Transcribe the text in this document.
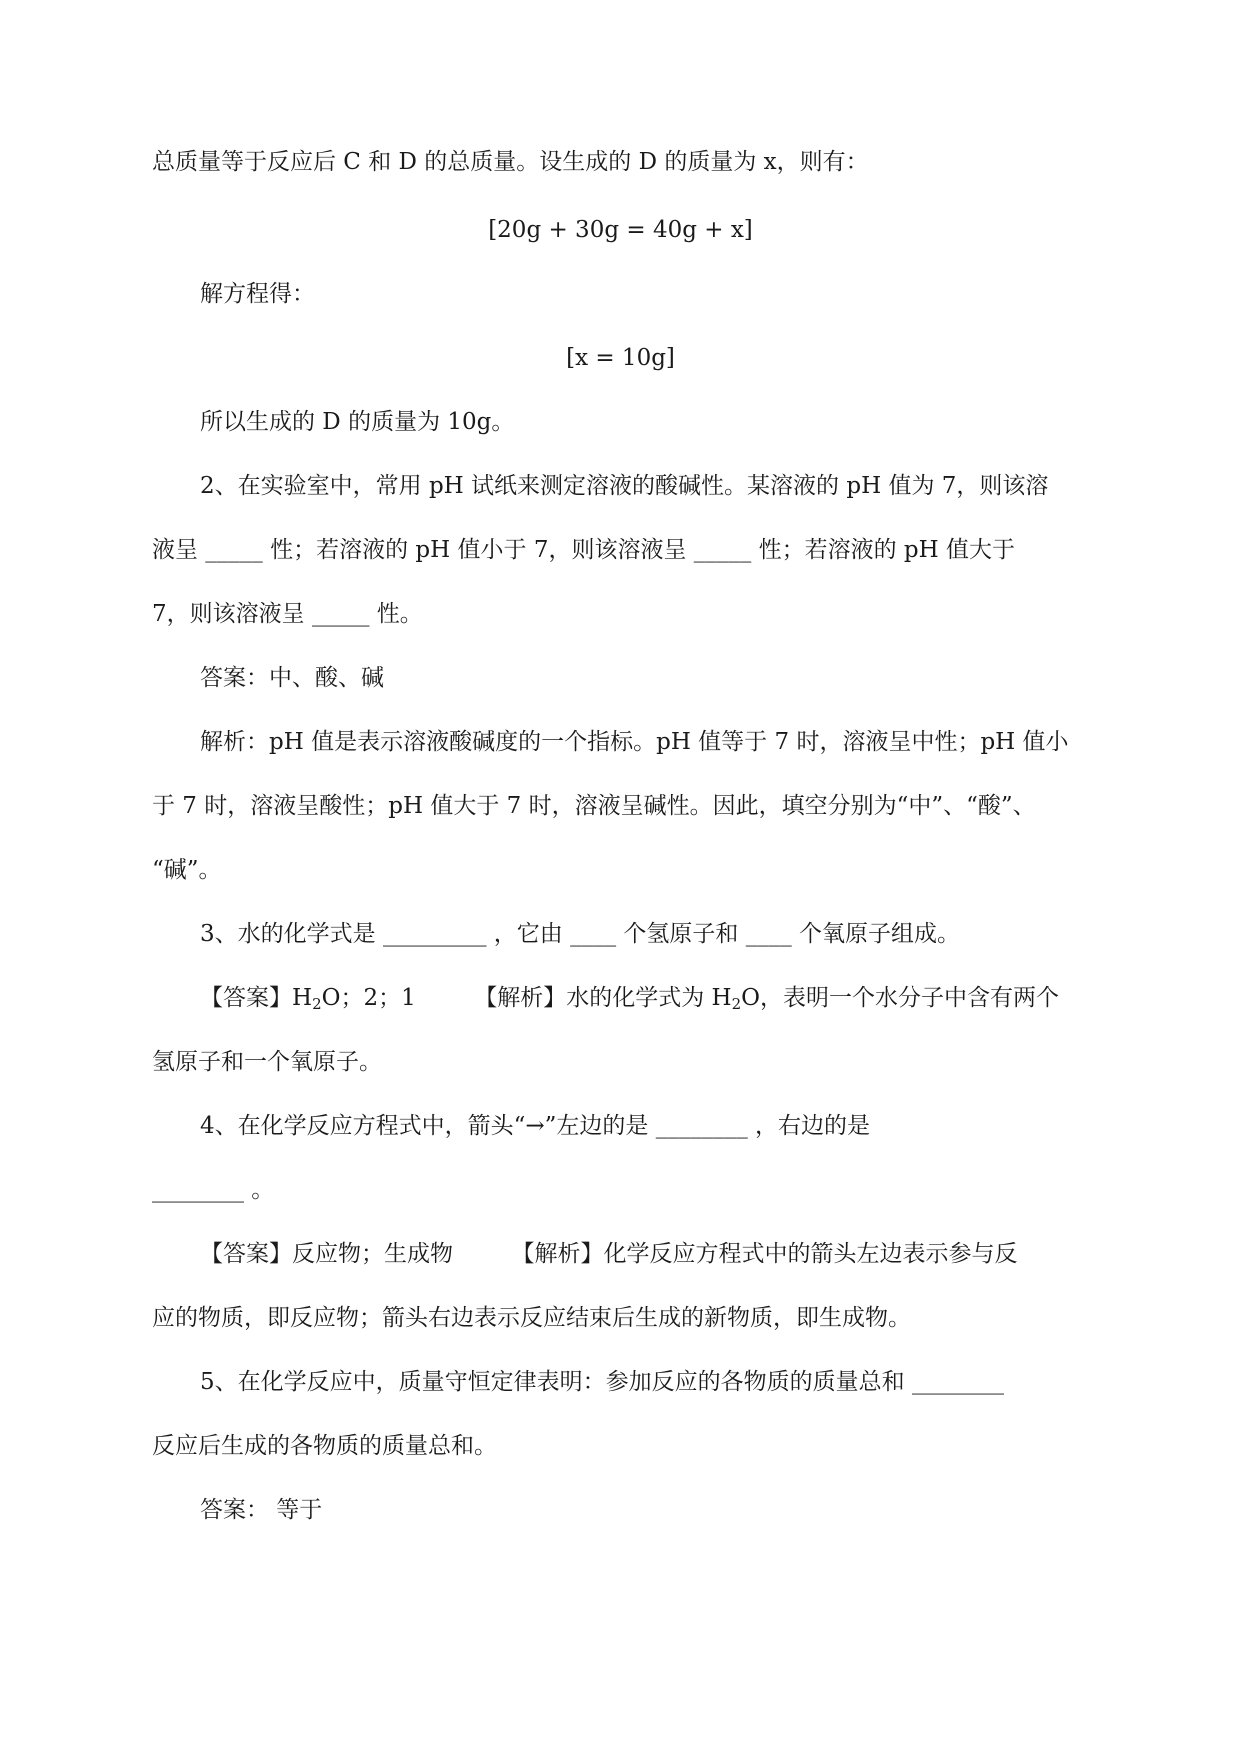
总质量等于反应后 C 和 D 的总质量。设生成的 D 的质量为 x，则有：
[20g + 30g = 40g + x]
解方程得：
[x = 10g]
所以生成的 D 的质量为 10g。
2、在实验室中，常用 pH 试纸来测定溶液的酸碱性。某溶液的 pH 值为 7，则该溶
液呈 _____ 性；若溶液的 pH 值小于 7，则该溶液呈 _____ 性；若溶液的 pH 值大于
7，则该溶液呈 _____ 性。
答案：中、酸、碱
解析：pH 值是表示溶液酸碱度的一个指标。pH 值等于 7 时，溶液呈中性；pH 值小
于 7 时，溶液呈酸性；pH 值大于 7 时，溶液呈碱性。因此，填空分别为“中”、“酸”、
“碱”。
3、水的化学式是 _________ ，它由 ____ 个氢原子和 ____ 个氧原子组成。
【答案】$H_2O$；2；1	【解析】水的化学式为 $H_2O$，表明一个水分子中含有两个
氢原子和一个氧原子。
4、在化学反应方程式中，箭头“→”左边的是 ________ ，右边的是
________ 。
【答案】反应物；生成物        【解析】化学反应方程式中的箭头左边表示参与反
应的物质，即反应物；箭头右边表示反应结束后生成的新物质，即生成物。
5、在化学反应中，质量守恒定律表明：参加反应的各物质的质量总和 ________
反应后生成的各物质的质量总和。
答案： 等于
